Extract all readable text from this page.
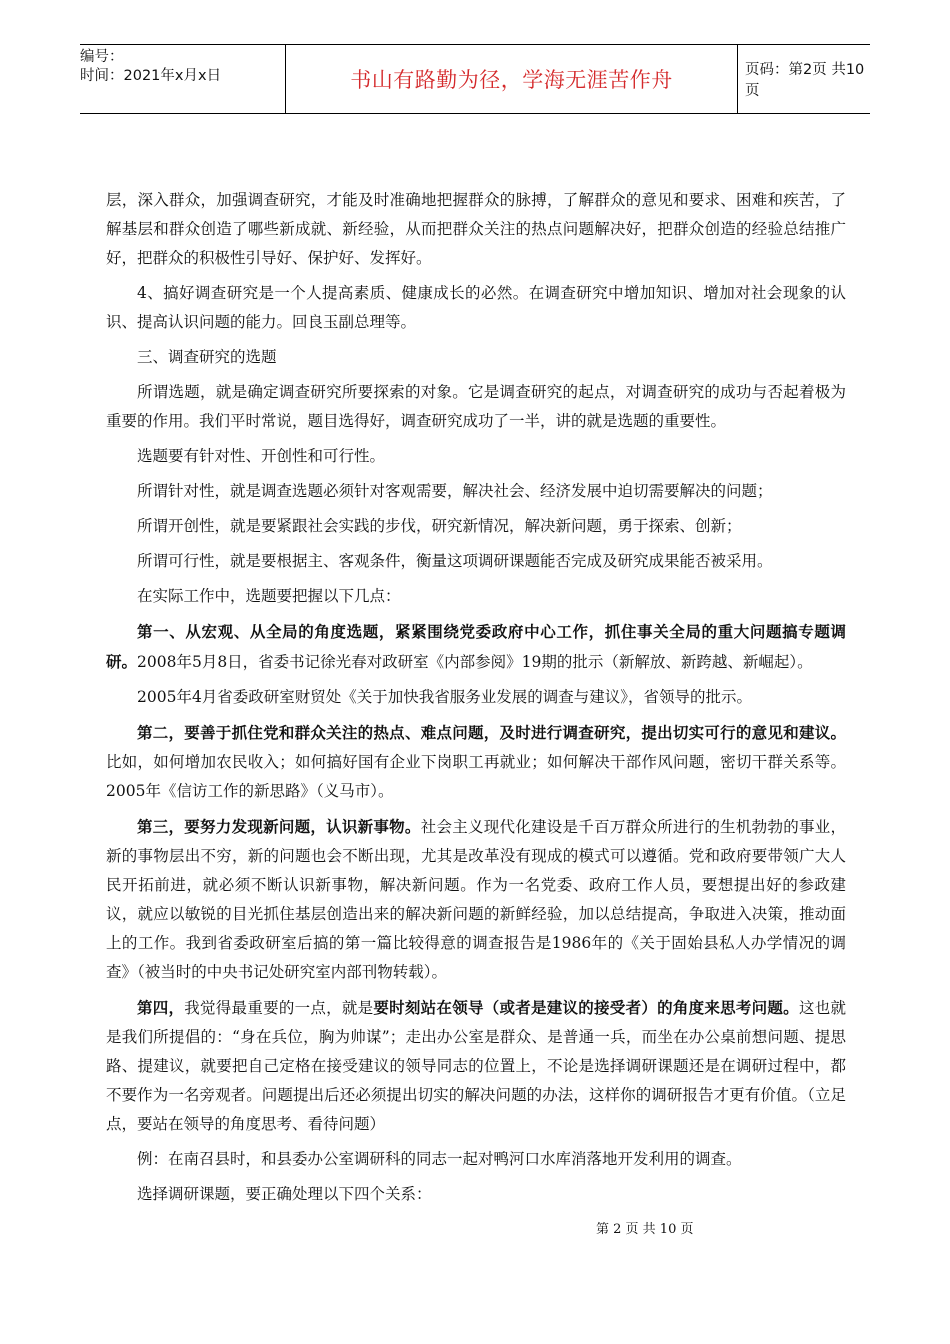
编号：
时间：2021年x月x日	书山有路勤为径，学海无涯苦作舟	页码：第2页 共10页

层，深入群众，加强调查研究，才能及时准确地把握群众的脉搏，了解群众的意见和要求、困难和疾苦，了解基层和群众创造了哪些新成就、新经验，从而把群众关注的热点问题解决好，把群众创造的经验总结推广好，把群众的积极性引导好、保护好、发挥好。

4、搞好调查研究是一个人提高素质、健康成长的必然。在调查研究中增加知识、增加对社会现象的认识、提高认识问题的能力。回良玉副总理等。

三、调查研究的选题

所谓选题，就是确定调查研究所要探索的对象。它是调查研究的起点，对调查研究的成功与否起着极为重要的作用。我们平时常说，题目选得好，调查研究成功了一半，讲的就是选题的重要性。

选题要有针对性、开创性和可行性。

所谓针对性，就是调查选题必须针对客观需要，解决社会、经济发展中迫切需要解决的问题；

所谓开创性，就是要紧跟社会实践的步伐，研究新情况，解决新问题，勇于探索、创新；

所谓可行性，就是要根据主、客观条件，衡量这项调研课题能否完成及研究成果能否被采用。

在实际工作中，选题要把握以下几点：

第一、从宏观、从全局的角度选题，紧紧围绕党委政府中心工作，抓住事关全局的重大问题搞专题调研。2008年5月8日，省委书记徐光春对政研室《内部参阅》19期的批示（新解放、新跨越、新崛起）。

2005年4月省委政研室财贸处《关于加快我省服务业发展的调查与建议》，省领导的批示。

第二，要善于抓住党和群众关注的热点、难点问题，及时进行调查研究，提出切实可行的意见和建议。比如，如何增加农民收入；如何搞好国有企业下岗职工再就业；如何解决干部作风问题，密切干群关系等。2005年《信访工作的新思路》（义马市）。

第三，要努力发现新问题，认识新事物。社会主义现代化建设是千百万群众所进行的生机勃勃的事业，新的事物层出不穷，新的问题也会不断出现，尤其是改革没有现成的模式可以遵循。党和政府要带领广大人民开拓前进，就必须不断认识新事物，解决新问题。作为一名党委、政府工作人员，要想提出好的参政建议，就应以敏锐的目光抓住基层创造出来的解决新问题的新鲜经验，加以总结提高，争取进入决策，推动面上的工作。我到省委政研室后搞的第一篇比较得意的调查报告是1986年的《关于固始县私人办学情况的调查》（被当时的中央书记处研究室内部刊物转载）。

第四，我觉得最重要的一点，就是要时刻站在领导（或者是建议的接受者）的角度来思考问题。这也就是我们所提倡的：“身在兵位，胸为帅谋”；走出办公室是群众、是普通一兵，而坐在办公桌前想问题、提思路、提建议，就要把自己定格在接受建议的领导同志的位置上，不论是选择调研课题还是在调研过程中，都不要作为一名旁观者。问题提出后还必须提出切实的解决问题的办法，这样你的调研报告才更有价值。（立足点，要站在领导的角度思考、看待问题）

例：在南召县时，和县委办公室调研科的同志一起对鸭河口水库消落地开发利用的调查。

选择调研课题，要正确处理以下四个关系：

第 2 页 共 10 页
